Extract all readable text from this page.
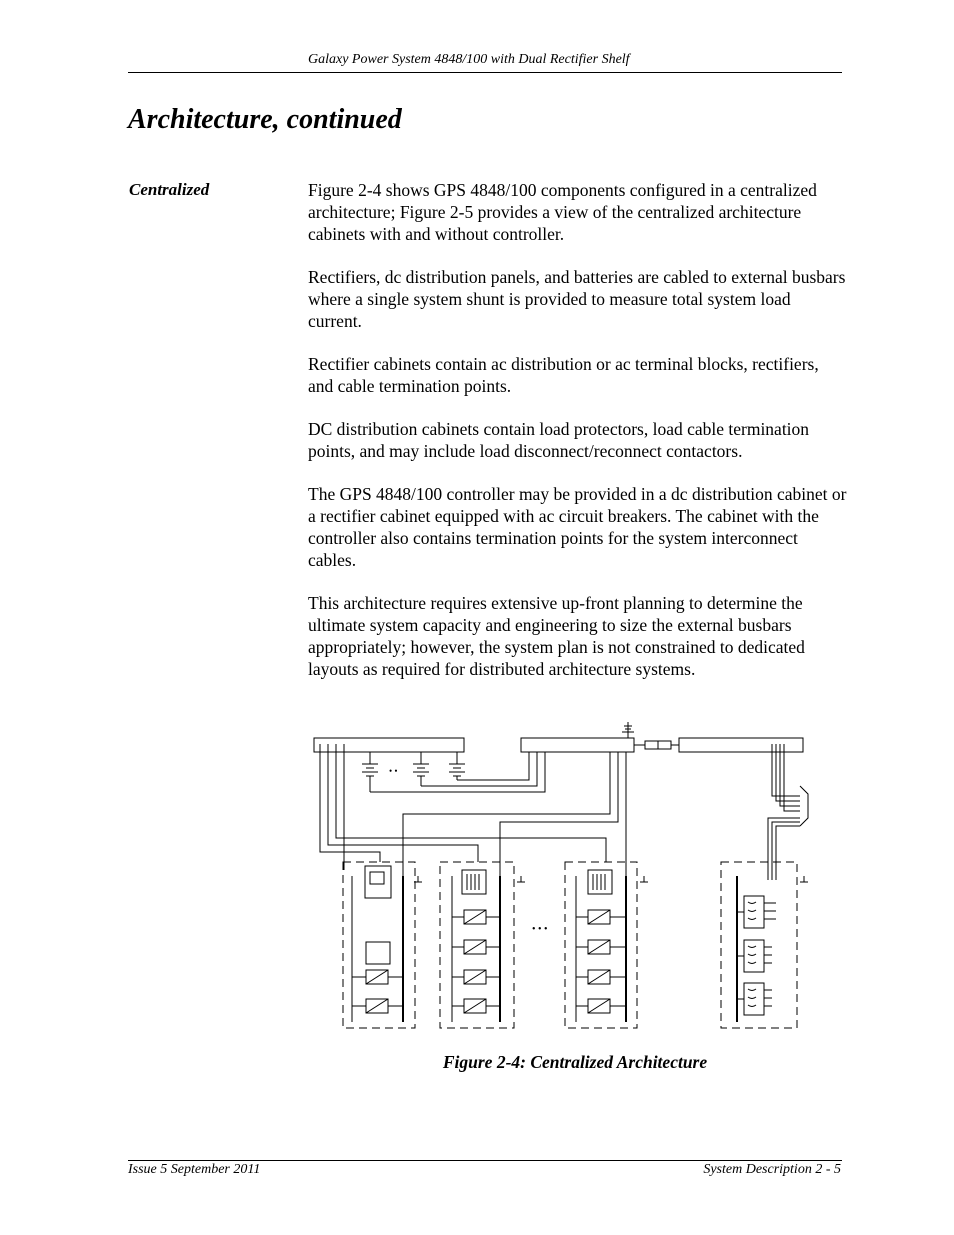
Galaxy Power System 4848/100 with Dual Rectifier Shelf
Architecture, continued
Centralized	Figure 2-4 shows GPS 4848/100 components configured in a centralized architecture; Figure 2-5 provides a view of the centralized architecture cabinets with and without controller.

Rectifiers, dc distribution panels, and batteries are cabled to external busbars where a single system shunt is provided to measure total system load current.

Rectifier cabinets contain ac distribution or ac terminal blocks, rectifiers, and cable termination points.

DC distribution cabinets contain load protectors, load cable termination points, and may include load disconnect/reconnect contactors.

The GPS 4848/100 controller may be provided in a dc distribution cabinet or a rectifier cabinet equipped with ac circuit breakers. The cabinet with the controller also contains termination points for the system interconnect cables.

This architecture requires extensive up-front planning to determine the ultimate system capacity and engineering to size the external busbars appropriately; however, the system plan is not constrained to dedicated layouts as required for distributed architecture systems.

• •
• • •
Figure 2-4: Centralized Architecture
Issue 5 September 2011	System Description 2 - 5
